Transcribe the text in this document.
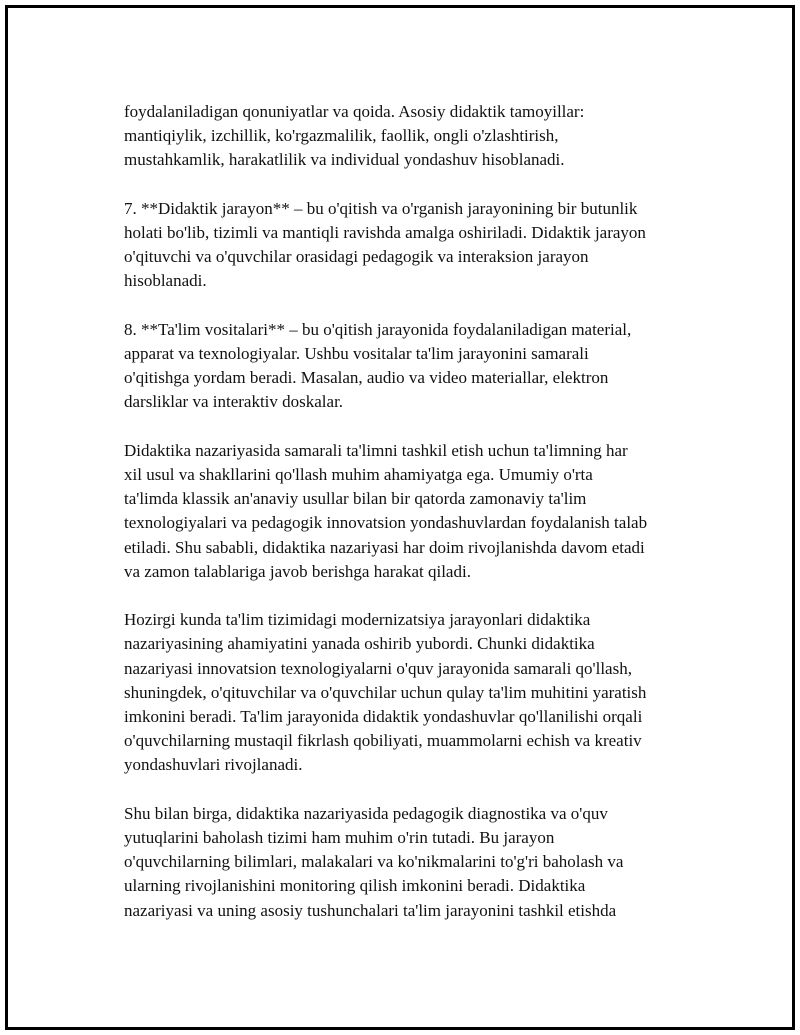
foydalaniladigan qonuniyatlar va qoida. Asosiy didaktik tamoyillar:
mantiqiylik, izchillik, ko'rgazmalilik, faollik, ongli o'zlashtirish,
mustahkamlik, harakatlilik va individual yondashuv hisoblanadi.

7. **Didaktik jarayon** – bu o'qitish va o'rganish jarayonining bir butunlik
holati bo'lib, tizimli va mantiqli ravishda amalga oshiriladi. Didaktik jarayon
o'qituvchi va o'quvchilar orasidagi pedagogik va interaksion jarayon
hisoblanadi.

8. **Ta'lim vositalari** – bu o'qitish jarayonida foydalaniladigan material,
apparat va texnologiyalar. Ushbu vositalar ta'lim jarayonini samarali
o'qitishga yordam beradi. Masalan, audio va video materiallar, elektron
darsliklar va interaktiv doskalar.

Didaktika nazariyasida samarali ta'limni tashkil etish uchun ta'limning har
xil usul va shakllarini qo'llash muhim ahamiyatga ega. Umumiy o'rta
ta'limda klassik an'anaviy usullar bilan bir qatorda zamonaviy ta'lim
texnologiyalari va pedagogik innovatsion yondashuvlardan foydalanish talab
etiladi. Shu sababli, didaktika nazariyasi har doim rivojlanishda davom etadi
va zamon talablariga javob berishga harakat qiladi.

Hozirgi kunda ta'lim tizimidagi modernizatsiya jarayonlari didaktika
nazariyasining ahamiyatini yanada oshirib yubordi. Chunki didaktika
nazariyasi innovatsion texnologiyalarni o'quv jarayonida samarali qo'llash,
shuningdek, o'qituvchilar va o'quvchilar uchun qulay ta'lim muhitini yaratish
imkonini beradi. Ta'lim jarayonida didaktik yondashuvlar qo'llanilishi orqali
o'quvchilarning mustaqil fikrlash qobiliyati, muammolarni echish va kreativ
yondashuvlari rivojlanadi.

Shu bilan birga, didaktika nazariyasida pedagogik diagnostika va o'quv
yutuqlarini baholash tizimi ham muhim o'rin tutadi. Bu jarayon
o'quvchilarning bilimlari, malakalari va ko'nikmalarini to'g'ri baholash va
ularning rivojlanishini monitoring qilish imkonini beradi. Didaktika
nazariyasi va uning asosiy tushunchalari ta'lim jarayonini tashkil etishda
